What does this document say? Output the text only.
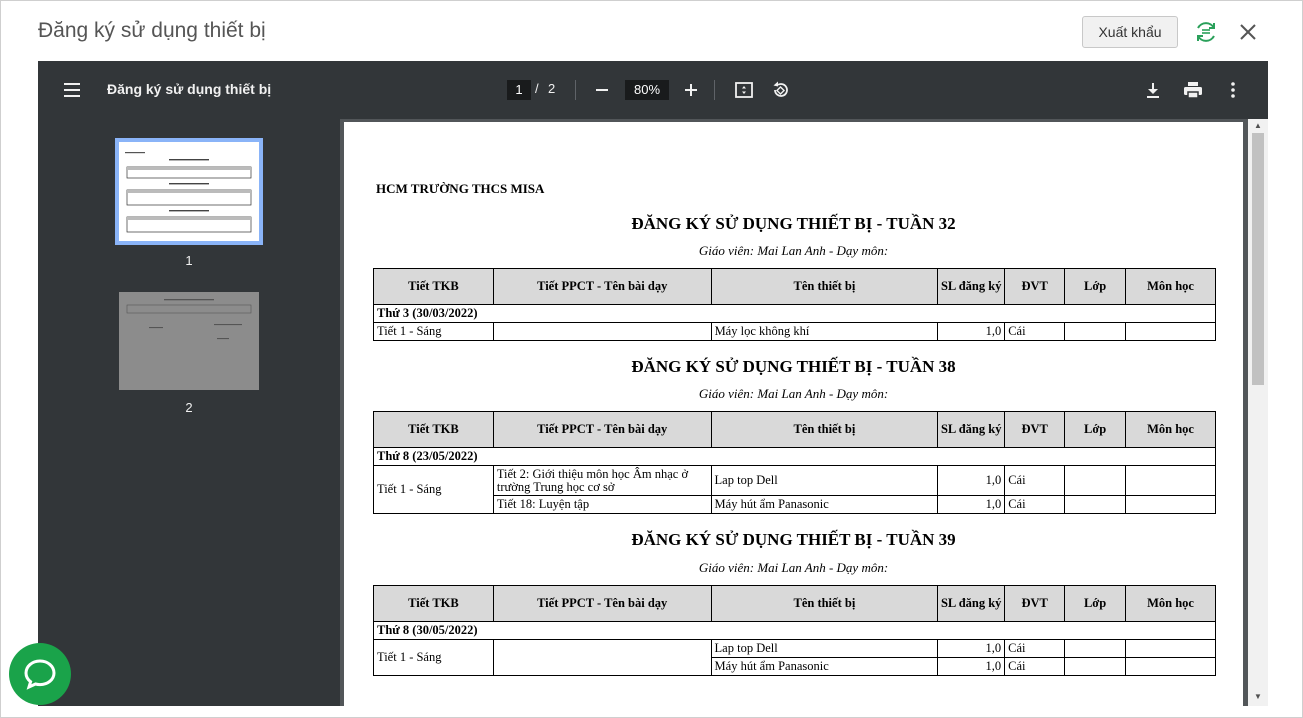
Đăng ký sử dụng thiết bị	Xuất khẩu
Đăng ký sử dụng thiết bị	1 / 2	80%
1
2
HCM TRƯỜNG THCS MISA
ĐĂNG KÝ SỬ DỤNG THIẾT BỊ - TUẦN 32
Giáo viên: Mai Lan Anh - Dạy môn:
Tiết TKB	Tiết PPCT - Tên bài dạy	Tên thiết bị	SL đăng ký	ĐVT	Lớp	Môn học
Thứ 3 (30/03/2022)						
Tiết 1 - Sáng		Máy lọc không khí	1,0	Cái		
ĐĂNG KÝ SỬ DỤNG THIẾT BỊ - TUẦN 38
Giáo viên: Mai Lan Anh - Dạy môn:
Tiết TKB	Tiết PPCT - Tên bài dạy	Tên thiết bị	SL đăng ký	ĐVT	Lớp	Môn học
Thứ 8 (23/05/2022)						
Tiết 1 - Sáng	Tiết 2: Giới thiệu môn học Âm nhạc ở trường Trung học cơ sở	Lap top Dell	1,0	Cái		
	Tiết 18: Luyện tập	Máy hút ẩm Panasonic	1,0	Cái		
ĐĂNG KÝ SỬ DỤNG THIẾT BỊ - TUẦN 39
Giáo viên: Mai Lan Anh - Dạy môn:
Tiết TKB	Tiết PPCT - Tên bài dạy	Tên thiết bị	SL đăng ký	ĐVT	Lớp	Môn học
Thứ 8 (30/05/2022)						
Tiết 1 - Sáng		Lap top Dell	1,0	Cái		
		Máy hút ẩm Panasonic	1,0	Cái		
▲
▼
